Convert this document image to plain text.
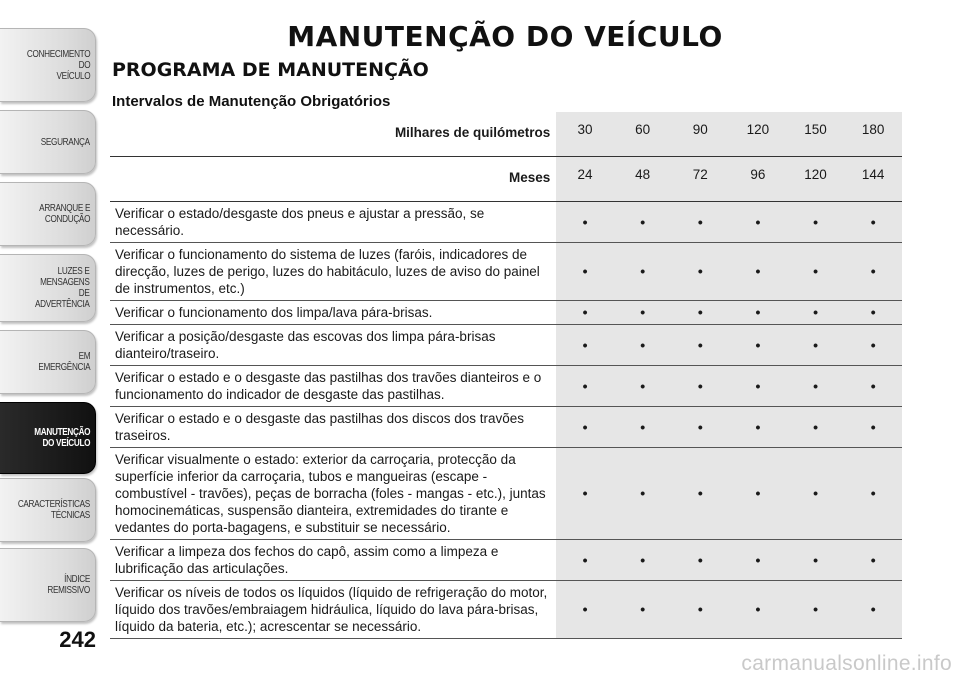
CONHECIMENTO
DO
VEÍCULO
SEGURANÇA
ARRANQUE E
CONDUÇÃO
LUZES E
MENSAGENS
DE
ADVERTÊNCIA
EM
EMERGÊNCIA
MANUTENÇÃO
DO VEÍCULO
CARACTERÍSTICAS
TÉCNICAS
ÍNDICE
REMISSIVO
242
MANUTENÇÃO DO VEÍCULO
PROGRAMA DE MANUTENÇÃO
Intervalos de Manutenção Obrigatórios
Milhares de quilómetros	30	60	90	120	150	180
Meses	24	48	72	96	120	144
Verificar o estado/desgaste dos pneus e ajustar a pressão, se necessário.	•	•	•	•	•	•
Verificar o funcionamento do sistema de luzes (faróis, indicadores de direcção, luzes de perigo, luzes do habitáculo, luzes de aviso do painel de instrumentos, etc.)	•	•	•	•	•	•
Verificar o funcionamento dos limpa/lava pára-brisas.	•	•	•	•	•	•
Verificar a posição/desgaste das escovas dos limpa pára-brisas dianteiro/traseiro.	•	•	•	•	•	•
Verificar o estado e o desgaste das pastilhas dos travões dianteiros e o funcionamento do indicador de desgaste das pastilhas.	•	•	•	•	•	•
Verificar o estado e o desgaste das pastilhas dos discos dos travões traseiros.	•	•	•	•	•	•
Verificar visualmente o estado: exterior da carroçaria, protecção da superfície inferior da carroçaria, tubos e mangueiras (escape - combustível - travões), peças de borracha (foles - mangas - etc.), juntas homocinemáticas, suspensão dianteira, extremidades do tirante e vedantes do porta-bagagens, e substituir se necessário.	•	•	•	•	•	•
Verificar a limpeza dos fechos do capô, assim como a limpeza e lubrificação das articulações.	•	•	•	•	•	•
Verificar os níveis de todos os líquidos (líquido de refrigeração do motor, líquido dos travões/embraiagem hidráulica, líquido do lava pára-brisas, líquido da bateria, etc.); acrescentar se necessário.	•	•	•	•	•	•
carmanualsonline.info
